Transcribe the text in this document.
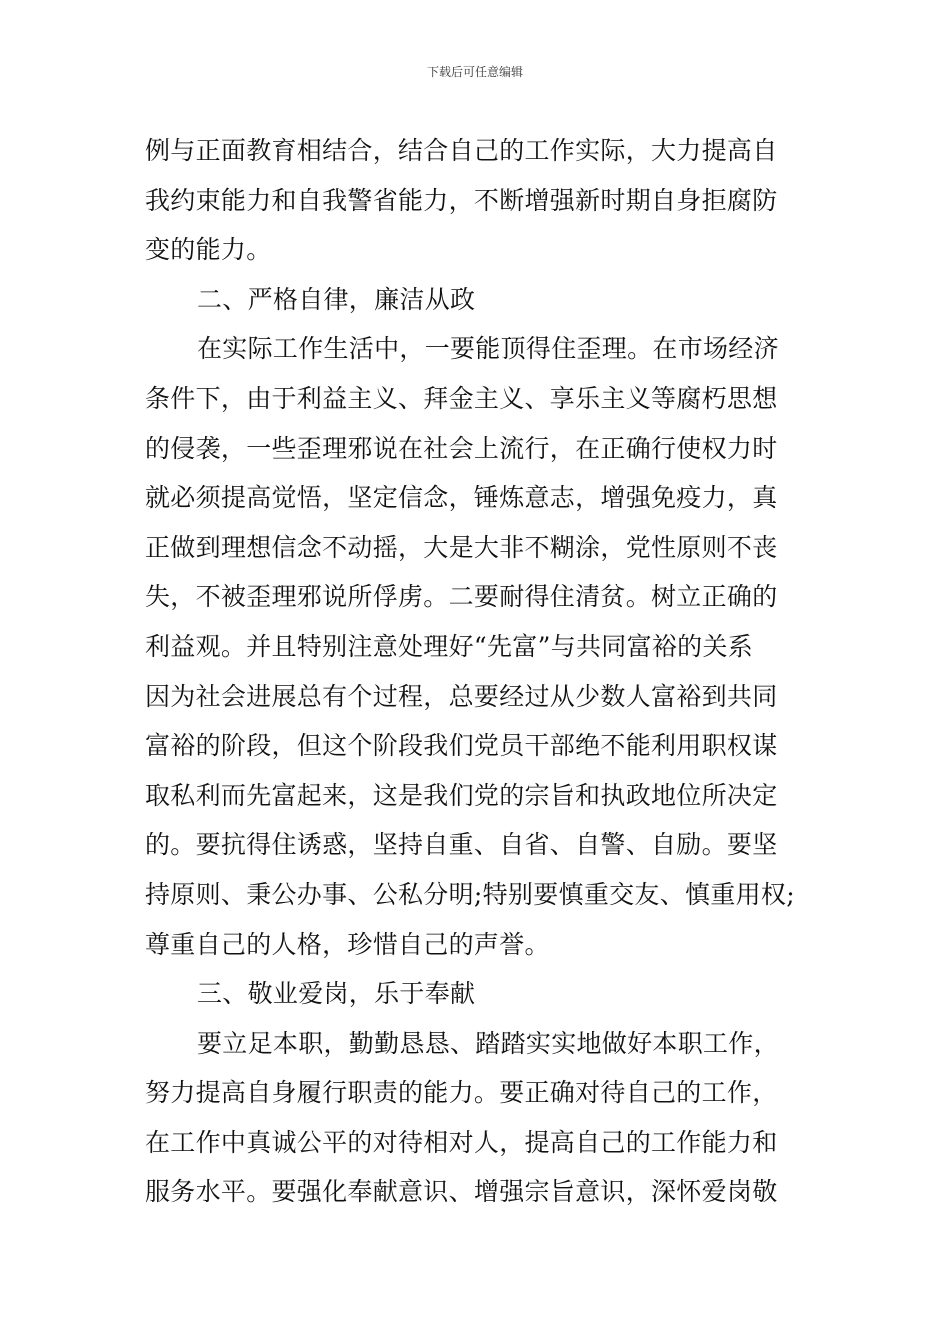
下载后可任意编辑
例与正面教育相结合，结合自己的工作实际，大力提高自
我约束能力和自我警省能力，不断增强新时期自身拒腐防
变的能力。
二、严格自律，廉洁从政
在实际工作生活中，一要能顶得住歪理。在市场经济
条件下，由于利益主义、拜金主义、享乐主义等腐朽思想
的侵袭，一些歪理邪说在社会上流行，在正确行使权力时
就必须提高觉悟，坚定信念，锤炼意志，增强免疫力，真
正做到理想信念不动摇，大是大非不糊涂，党性原则不丧
失，不被歪理邪说所俘虏。二要耐得住清贫。树立正确的
利益观。并且特别注意处理好“先富”与共同富裕的关系
因为社会进展总有个过程，总要经过从少数人富裕到共同
富裕的阶段，但这个阶段我们党员干部绝不能利用职权谋
取私利而先富起来，这是我们党的宗旨和执政地位所决定
的。要抗得住诱惑，坚持自重、自省、自警、自励。要坚
持原则、秉公办事、公私分明;特别要慎重交友、慎重用权;
尊重自己的人格，珍惜自己的声誉。
三、敬业爱岗，乐于奉献
要立足本职，勤勤恳恳、踏踏实实地做好本职工作，
努力提高自身履行职责的能力。要正确对待自己的工作，
在工作中真诚公平的对待相对人，提高自己的工作能力和
服务水平。要强化奉献意识、增强宗旨意识，深怀爱岗敬
